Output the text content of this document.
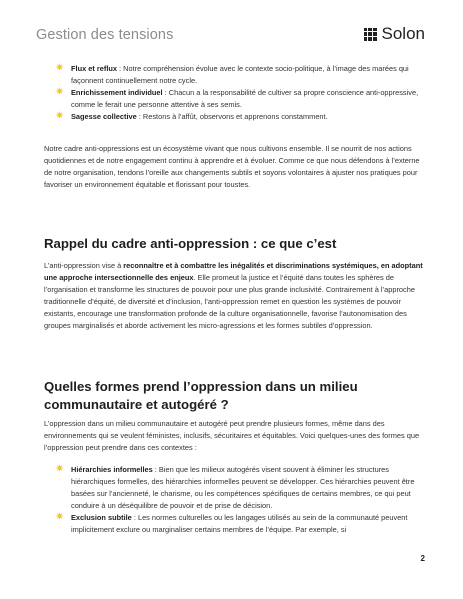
Gestion des tensions	Solon
✷ Flux et reflux : Notre compréhension évolue avec le contexte socio-politique, à l’image des marées qui façonnent continuellement notre cycle.
✷ Enrichissement individuel : Chacun a la responsabilité de cultiver sa propre conscience anti-oppressive, comme le ferait une personne attentive à ses semis.
✷ Sagesse collective : Restons à l’affût, observons et apprenons constamment.

Notre cadre anti-oppressions est un écosystème vivant que nous cultivons ensemble. Il se nourrit de nos actions quotidiennes et de notre engagement continu à apprendre et à évoluer. Comme ce que nous défendons à l’externe de notre organisation, tendons l’oreille aux changements subtils et soyons volontaires à ajuster nos pratiques pour favoriser un environnement équitable et florissant pour toustes.

Rappel du cadre anti-oppression : ce que c’est

L’anti-oppression vise à reconnaître et à combattre les inégalités et discriminations systémiques, en adoptant une approche intersectionnelle des enjeux. Elle promeut la justice et l’équité dans toutes les sphères de l’organisation et transforme les structures de pouvoir pour une plus grande inclusivité. Contrairement à l’approche traditionnelle d’équité, de diversité et d’inclusion, l’anti-oppression remet en question les systèmes de pouvoir existants, encourage une transformation profonde de la culture organisationnelle, favorise l’autonomisation des groupes marginalisés et aborde activement les micro-agressions et les formes subtiles d’oppression.

Quelles formes prend l’oppression dans un milieu communautaire et autogéré ?

L’oppression dans un milieu communautaire et autogéré peut prendre plusieurs formes, même dans des environnements qui se veulent féministes, inclusifs, sécuritaires et équitables. Voici quelques-unes des formes que l’oppression peut prendre dans ces contextes :

✷ Hiérarchies informelles : Bien que les milieux autogérés visent souvent à éliminer les structures hiérarchiques formelles, des hiérarchies informelles peuvent se développer. Ces hiérarchies peuvent être basées sur l’ancienneté, le charisme, ou les compétences spécifiques de certains membres, ce qui peut conduire à un déséquilibre de pouvoir et de prise de décision.
✷ Exclusion subtile : Les normes culturelles ou les langages utilisés au sein de la communauté peuvent implicitement exclure ou marginaliser certains membres de l’équipe. Par exemple, si
2
